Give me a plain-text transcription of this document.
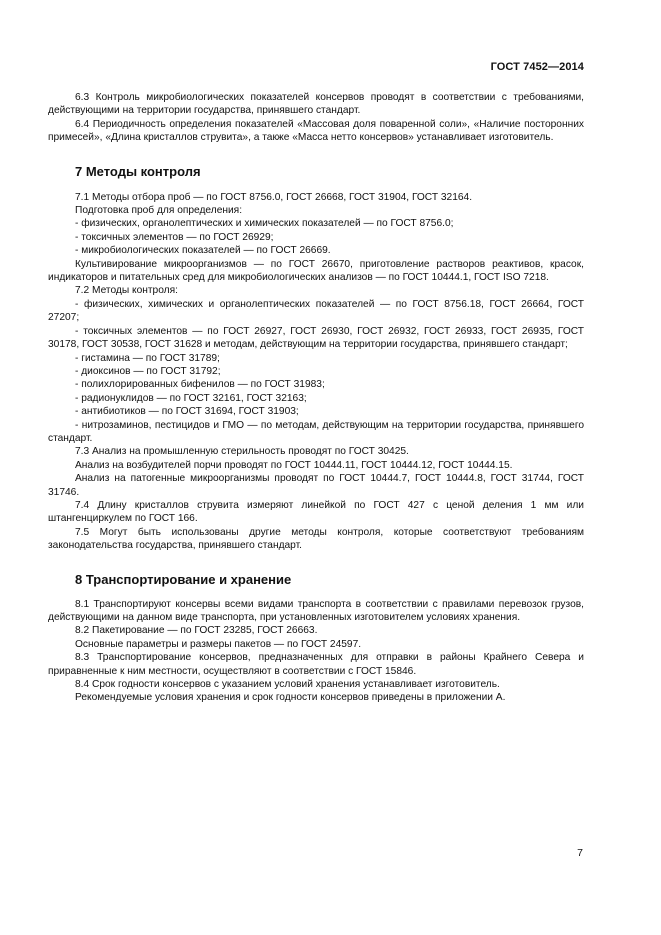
ГОСТ 7452—2014

6.3 Контроль микробиологических показателей консервов проводят в соответствии с требованиями, действующими на территории государства, принявшего стандарт.

6.4 Периодичность определения показателей «Массовая доля поваренной соли», «Наличие посторонних примесей», «Длина кристаллов струвита», а также «Масса нетто консервов» устанавливает изготовитель.

7 Методы контроля

7.1 Методы отбора проб — по ГОСТ 8756.0, ГОСТ 26668, ГОСТ 31904, ГОСТ 32164.

Подготовка проб для определения:

- физических, органолептических и химических показателей — по ГОСТ 8756.0;

- токсичных элементов — по ГОСТ 26929;

- микробиологических показателей — по ГОСТ 26669.

Культивирование микроорганизмов — по ГОСТ 26670, приготовление растворов реактивов, красок, индикаторов и питательных сред для микробиологических анализов — по ГОСТ 10444.1, ГОСТ ISO 7218.

7.2 Методы контроля:

- физических, химических и органолептических показателей — по ГОСТ 8756.18, ГОСТ 26664, ГОСТ 27207;

- токсичных элементов — по ГОСТ 26927, ГОСТ 26930, ГОСТ 26932, ГОСТ 26933, ГОСТ 26935, ГОСТ 30178, ГОСТ 30538, ГОСТ 31628 и методам, действующим на территории государства, принявшего стандарт;

- гистамина — по ГОСТ 31789;

- диоксинов — по ГОСТ 31792;

- полихлорированных бифенилов — по ГОСТ 31983;

- радионуклидов — по ГОСТ 32161, ГОСТ 32163;

- антибиотиков — по ГОСТ 31694, ГОСТ 31903;

- нитрозаминов, пестицидов и ГМО — по методам, действующим на территории государства, принявшего стандарт.

7.3 Анализ на промышленную стерильность проводят по ГОСТ 30425.

Анализ на возбудителей порчи проводят по ГОСТ 10444.11, ГОСТ 10444.12, ГОСТ 10444.15.

Анализ на патогенные микроорганизмы проводят по ГОСТ 10444.7, ГОСТ 10444.8, ГОСТ 31744, ГОСТ 31746.

7.4 Длину кристаллов струвита измеряют линейкой по ГОСТ 427 с ценой деления 1 мм или штангенциркулем по ГОСТ 166.

7.5 Могут быть использованы другие методы контроля, которые соответствуют требованиям законодательства государства, принявшего стандарт.

8 Транспортирование и хранение

8.1 Транспортируют консервы всеми видами транспорта в соответствии с правилами перевозок грузов, действующими на данном виде транспорта, при установленных изготовителем условиях хранения.

8.2 Пакетирование — по ГОСТ 23285, ГОСТ 26663.

Основные параметры и размеры пакетов — по ГОСТ 24597.

8.3 Транспортирование консервов, предназначенных для отправки в районы Крайнего Севера и приравненные к ним местности, осуществляют в соответствии с ГОСТ 15846.

8.4 Срок годности консервов с указанием условий хранения устанавливает изготовитель.

Рекомендуемые условия хранения и срок годности консервов приведены в приложении А.

7
